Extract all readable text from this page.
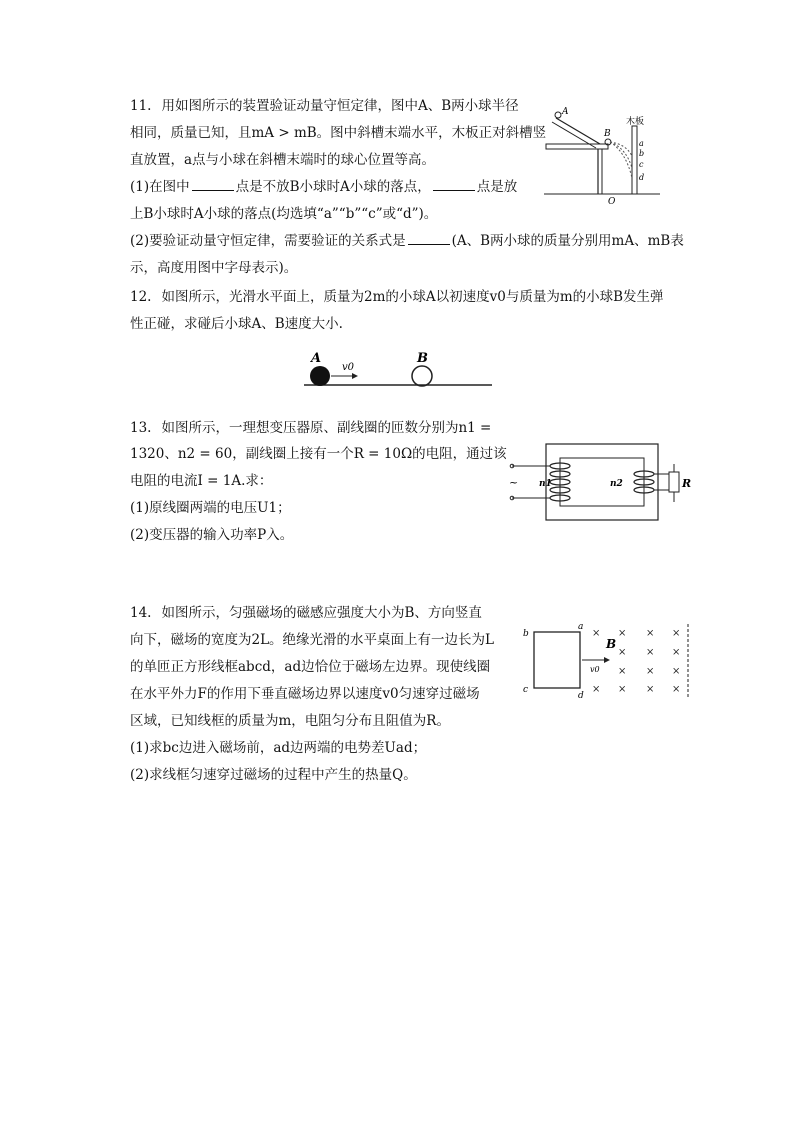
11. 用如图所示的装置验证动量守恒定律，图中A、B两小球半径
相同，质量已知，且mA > mB。图中斜槽末端水平，木板正对斜槽竖
直放置，a点与小球在斜槽末端时的球心位置等高。
(1)在图中	点是不放B小球时A小球的落点，	点是放
上B小球时A小球的落点(均选填“a”“b”“c”或“d”)。
(2)要验证动量守恒定律，需要验证的关系式是	(A、B两小球的质量分别用mA、mB表
示，高度用图中字母表示)。
A
B
木板
a
b
c
d
O
12. 如图所示，光滑水平面上，质量为2m的小球A以初速度v0与质量为m的小球B发生弹
性正碰，求碰后小球A、B速度大小.
A
v0
B
13. 如图所示，一理想变压器原、副线圈的匝数分别为n1 =
1320、n2 = 60，副线圈上接有一个R = 10Ω的电阻，通过该
电阻的电流I = 1A.求：
(1)原线圈两端的电压U1；
(2)变压器的输入功率P入。
~ n1	n2	R
14. 如图所示，匀强磁场的磁感应强度大小为B、方向竖直
向下，磁场的宽度为2L。绝缘光滑的水平桌面上有一边长为L
的单匝正方形线框abcd，ad边恰位于磁场左边界。现使线圈
在水平外力F的作用下垂直磁场边界以速度v0匀速穿过磁场
区域，已知线框的质量为m，电阻匀分布且阻值为R。
(1)求bc边进入磁场前，ad边两端的电势差Uad；
(2)求线框匀速穿过磁场的过程中产生的热量Q。
× × × ×
× × ×
× × ×
× × × ×
b
c
a
d
B
v0
